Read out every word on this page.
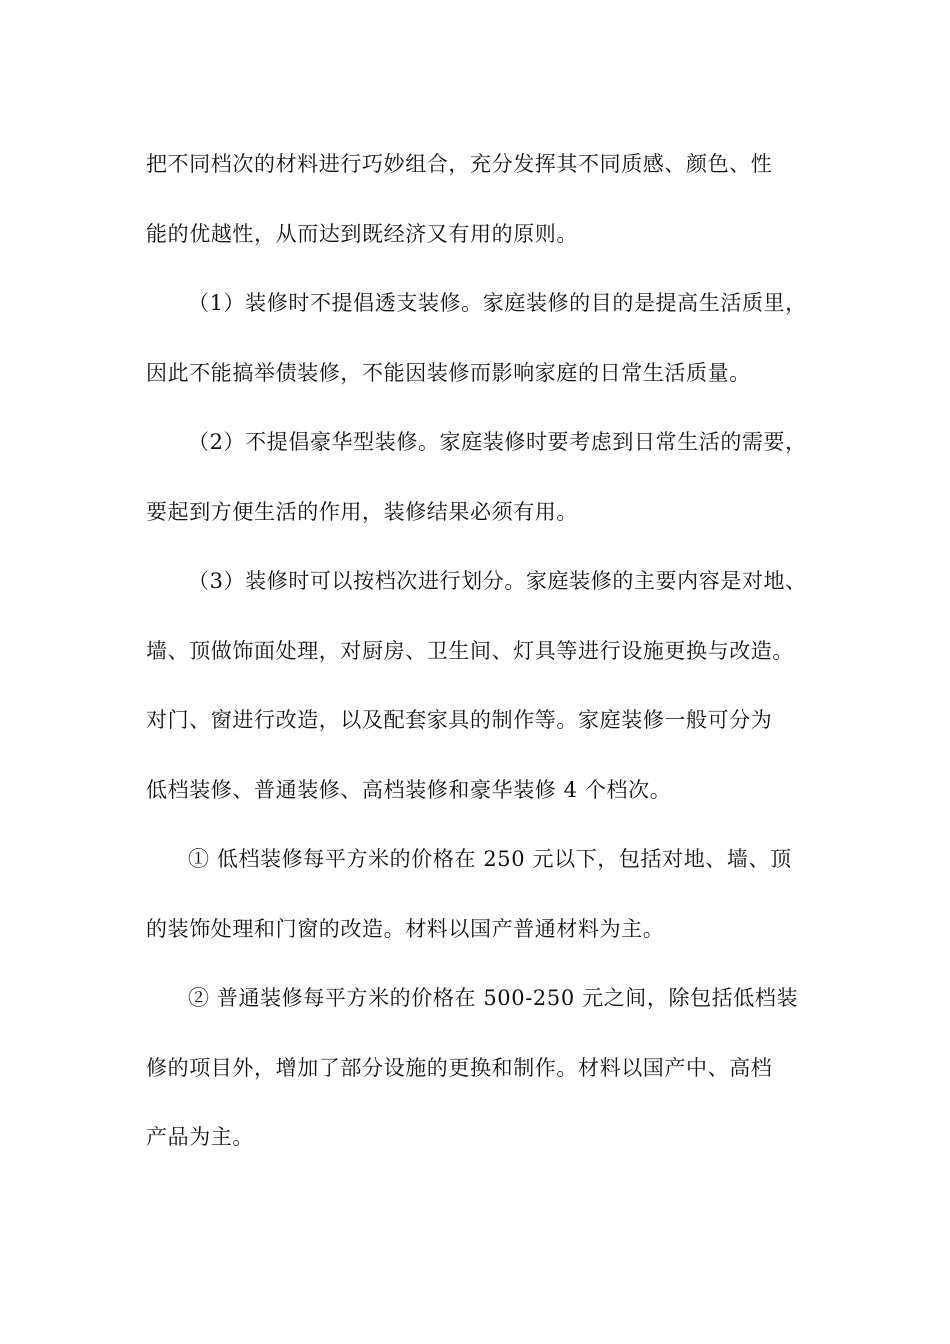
把不同档次的材料进行巧妙组合，充分发挥其不同质感、颜色、性
能的优越性，从而达到既经济又有用的原则。
（1）装修时不提倡透支装修。家庭装修的目的是提高生活质里，
因此不能搞举债装修，不能因装修而影响家庭的日常生活质量。
（2）不提倡豪华型装修。家庭装修时要考虑到日常生活的需要，
要起到方便生活的作用，装修结果必须有用。
（3）装修时可以按档次进行划分。家庭装修的主要内容是对地、
墙、顶做饰面处理，对厨房、卫生间、灯具等进行设施更换与改造。
对门、窗进行改造，以及配套家具的制作等。家庭装修一般可分为
低档装修、普通装修、高档装修和豪华装修 4 个档次。
① 低档装修每平方米的价格在 250 元以下，包括对地、墙、顶
的装饰处理和门窗的改造。材料以国产普通材料为主。
② 普通装修每平方米的价格在 500-250 元之间，除包括低档装
修的项目外，增加了部分设施的更换和制作。材料以国产中、高档
产品为主。
